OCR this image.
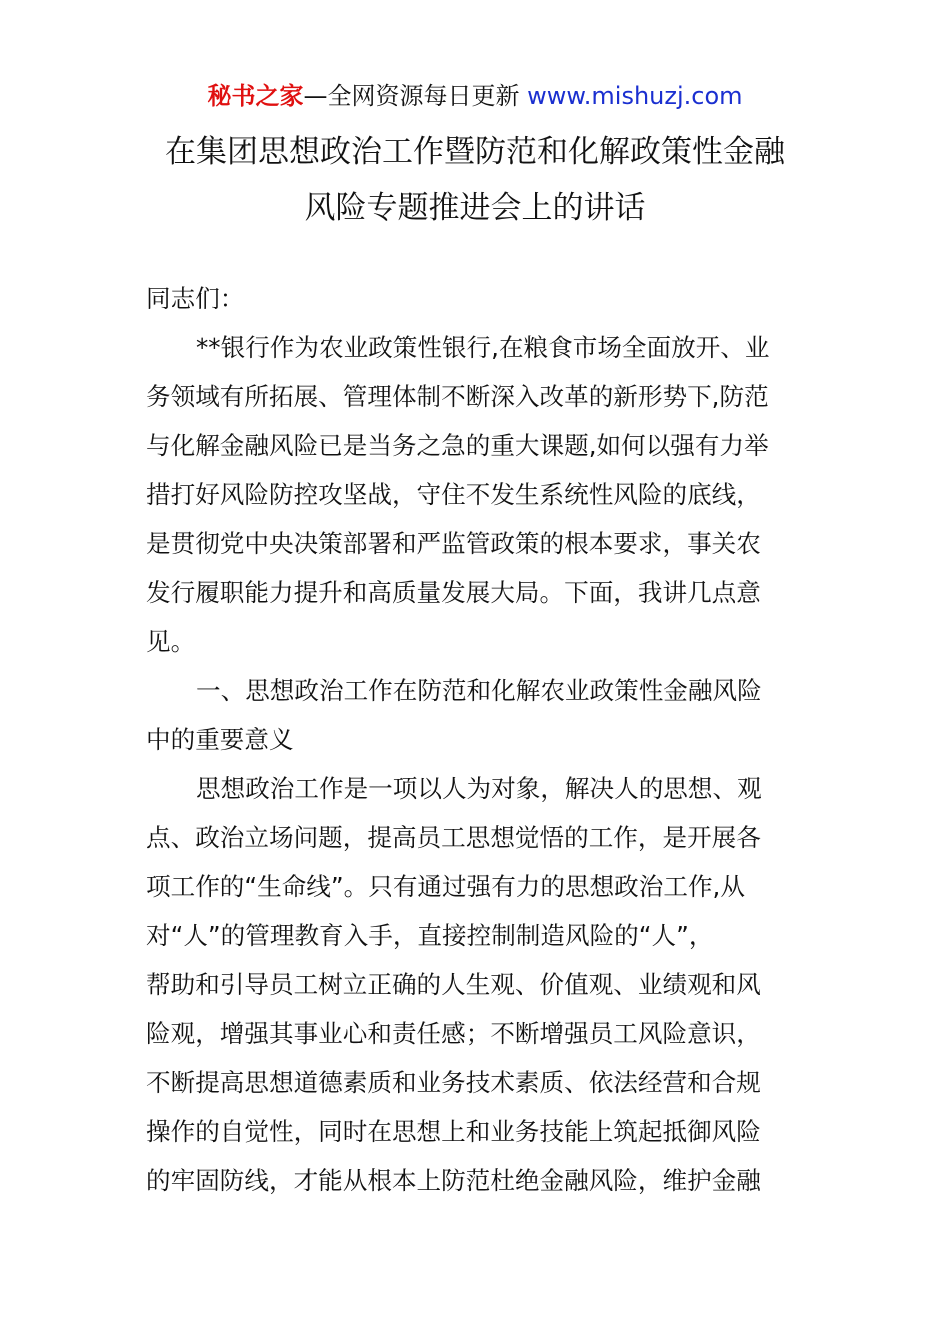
秘书之家—全网资源每日更新 www.mishuzj.com
在集团思想政治工作暨防范和化解政策性金融
风险专题推进会上的讲话
同志们：
**银行作为农业政策性银行,在粮食市场全面放开、业
务领域有所拓展、管理体制不断深入改革的新形势下,防范
与化解金融风险已是当务之急的重大课题,如何以强有力举
措打好风险防控攻坚战，守住不发生系统性风险的底线，
是贯彻党中央决策部署和严监管政策的根本要求，事关农
发行履职能力提升和高质量发展大局。下面，我讲几点意
见。
一、思想政治工作在防范和化解农业政策性金融风险
中的重要意义
思想政治工作是一项以人为对象，解决人的思想、观
点、政治立场问题，提高员工思想觉悟的工作，是开展各
项工作的“生命线”。只有通过强有力的思想政治工作,从
对“人”的管理教育入手，直接控制制造风险的“人”，
帮助和引导员工树立正确的人生观、价值观、业绩观和风
险观，增强其事业心和责任感；不断增强员工风险意识，
不断提高思想道德素质和业务技术素质、依法经营和合规
操作的自觉性，同时在思想上和业务技能上筑起抵御风险
的牢固防线，才能从根本上防范杜绝金融风险，维护金融
